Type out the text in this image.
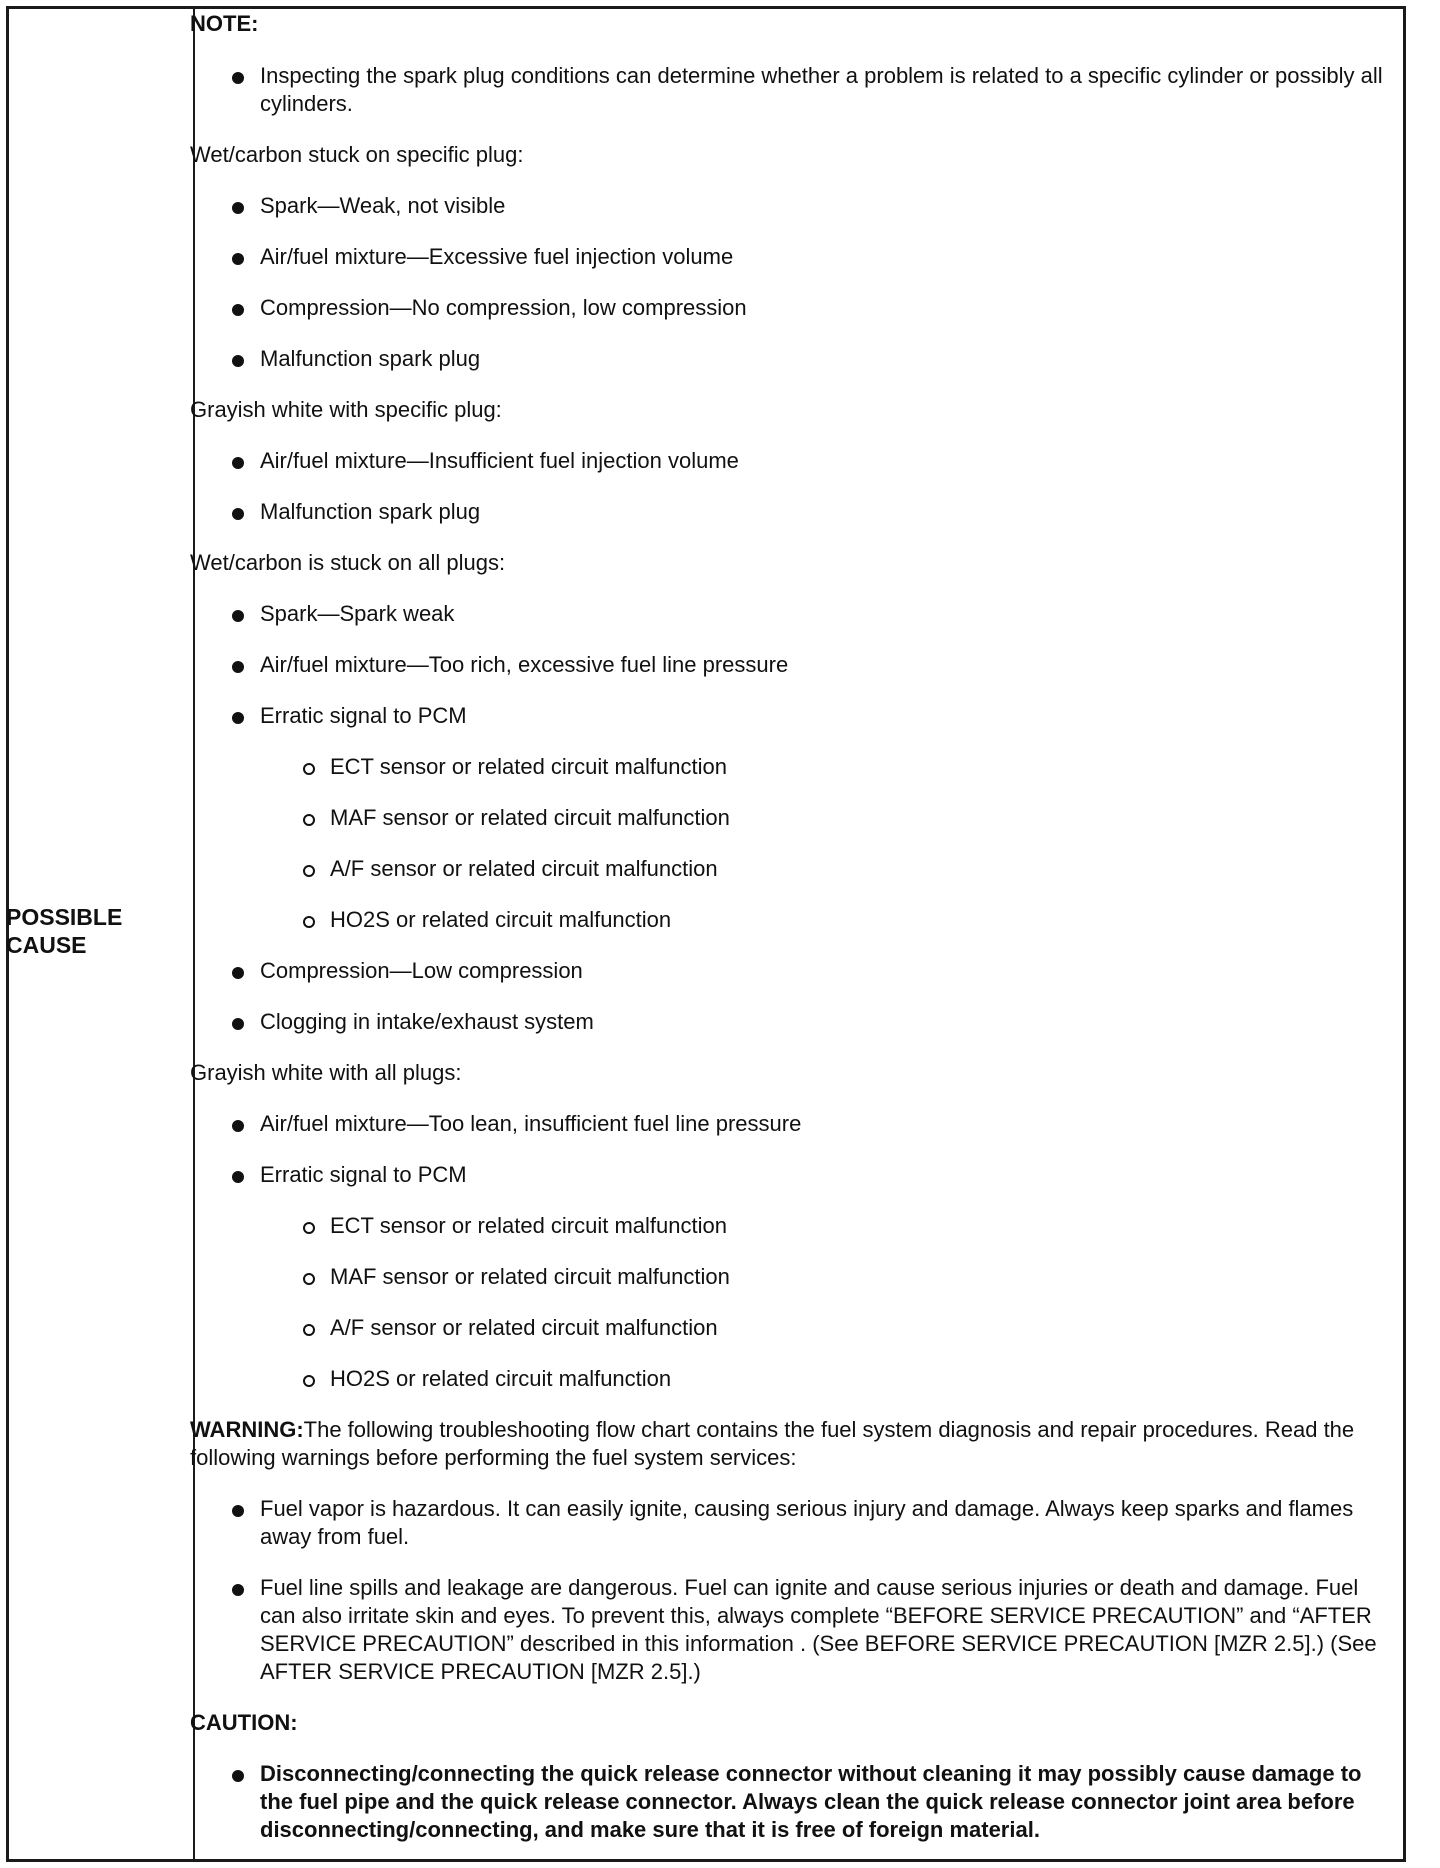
POSSIBLE
CAUSE

NOTE:

Inspecting the spark plug conditions can determine whether a problem is related to a specific cylinder or possibly all cylinders.

Wet/carbon stuck on specific plug:

Spark—Weak, not visible
Air/fuel mixture—Excessive fuel injection volume
Compression—No compression, low compression
Malfunction spark plug

Grayish white with specific plug:

Air/fuel mixture—Insufficient fuel injection volume
Malfunction spark plug

Wet/carbon is stuck on all plugs:

Spark—Spark weak
Air/fuel mixture—Too rich, excessive fuel line pressure
Erratic signal to PCM
ECT sensor or related circuit malfunction
MAF sensor or related circuit malfunction
A/F sensor or related circuit malfunction
HO2S or related circuit malfunction
Compression—Low compression
Clogging in intake/exhaust system

Grayish white with all plugs:

Air/fuel mixture—Too lean, insufficient fuel line pressure
Erratic signal to PCM
ECT sensor or related circuit malfunction
MAF sensor or related circuit malfunction
A/F sensor or related circuit malfunction
HO2S or related circuit malfunction

WARNING:The following troubleshooting flow chart contains the fuel system diagnosis and repair procedures. Read the following warnings before performing the fuel system services:

Fuel vapor is hazardous. It can easily ignite, causing serious injury and damage. Always keep sparks and flames away from fuel.
Fuel line spills and leakage are dangerous. Fuel can ignite and cause serious injuries or death and damage. Fuel can also irritate skin and eyes. To prevent this, always complete “BEFORE SERVICE PRECAUTION” and “AFTER SERVICE PRECAUTION” described in this information . (See BEFORE SERVICE PRECAUTION [MZR 2.5].) (See AFTER SERVICE PRECAUTION [MZR 2.5].)

CAUTION:

Disconnecting/connecting the quick release connector without cleaning it may possibly cause damage to the fuel pipe and the quick release connector. Always clean the quick release connector joint area before disconnecting/connecting, and make sure that it is free of foreign material.
